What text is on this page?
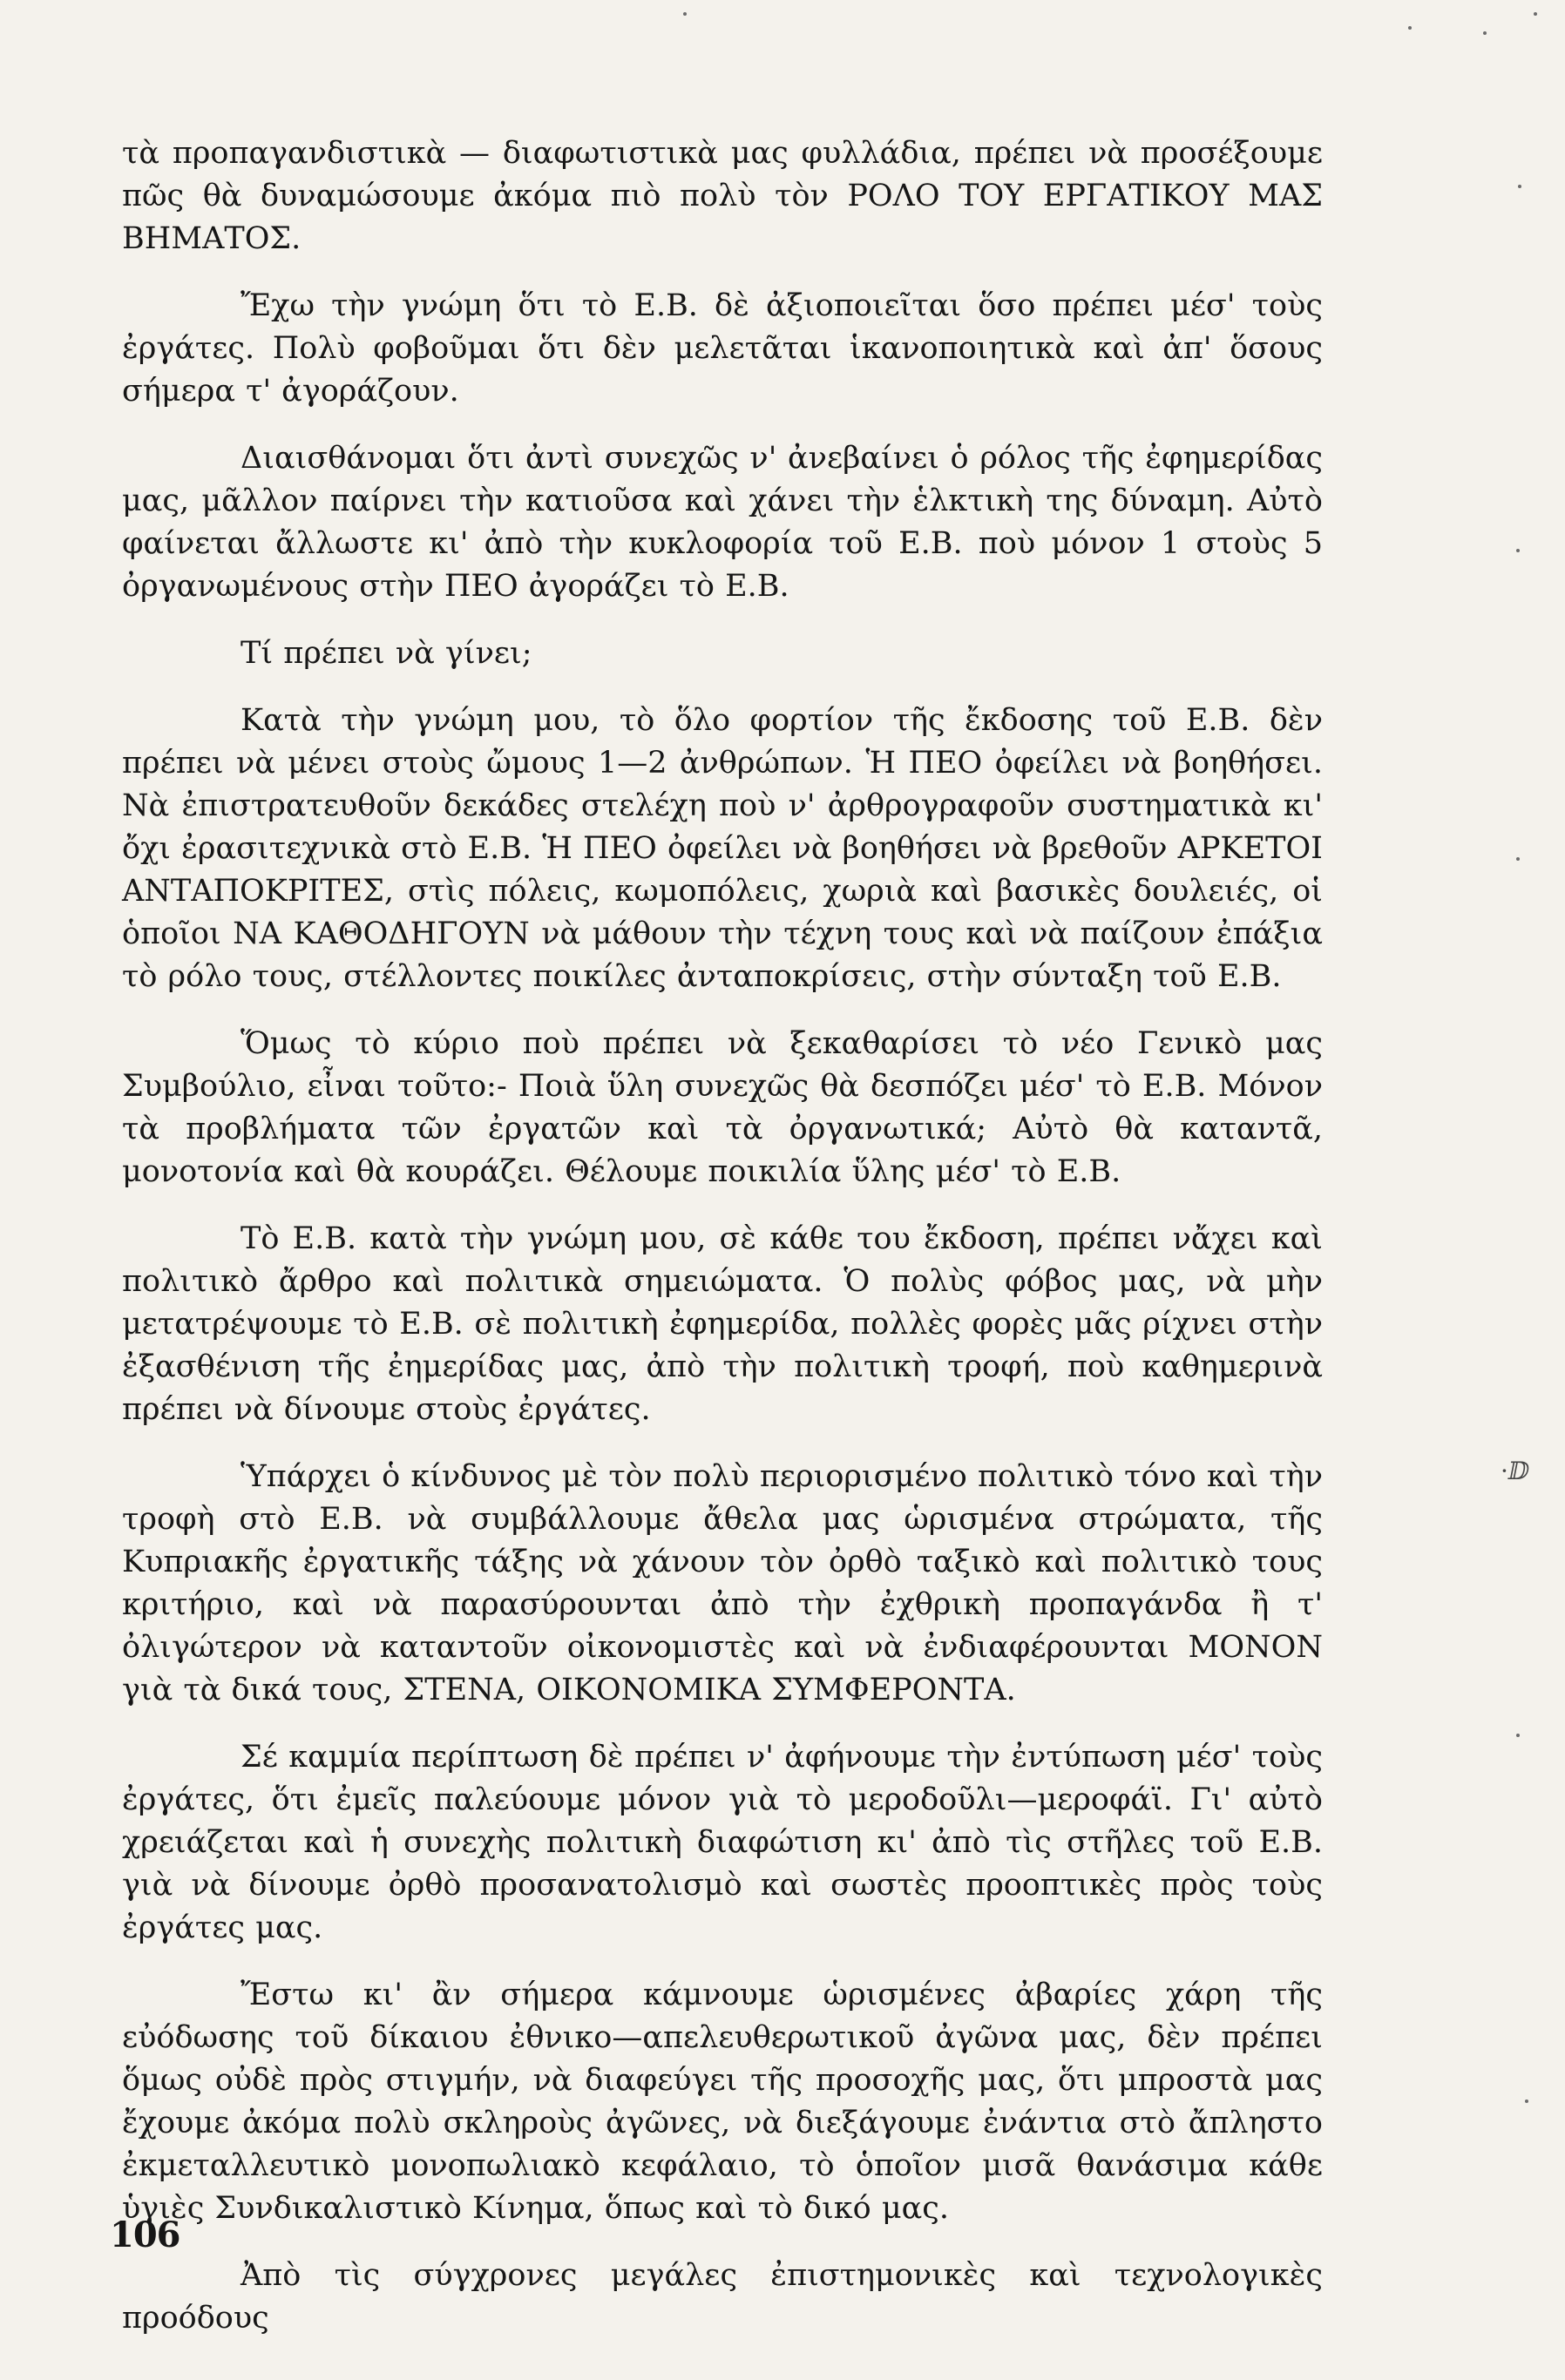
τὰ προπαγανδιστικὰ — διαφωτιστικὰ μας φυλλάδια, πρέπει νὰ προσέξουμε πῶς θὰ δυναμώσουμε ἀκόμα πιὸ πολὺ τὸν ΡΟΛΟ ΤΟΥ ΕΡΓΑΤΙΚΟΥ ΜΑΣ ΒΗΜΑΤΟΣ.

Ἔχω τὴν γνώμη ὅτι τὸ Ε.Β. δὲ ἀξιοποιεῖται ὅσο πρέπει μέσ' τοὺς ἐργάτες. Πολὺ φοβοῦμαι ὅτι δὲν μελετᾶται ἱκανοποιητικὰ καὶ ἀπ' ὅσους σήμερα τ' ἀγοράζουν.

Διαισθάνομαι ὅτι ἀντὶ συνεχῶς ν' ἀνεβαίνει ὁ ρόλος τῆς ἐφημερίδας μας, μᾶλλον παίρνει τὴν κατιοῦσα καὶ χάνει τὴν ἑλκτικὴ της δύναμη. Αὐτὸ φαίνεται ἄλλωστε κι' ἀπὸ τὴν κυκλοφορία τοῦ Ε.Β. ποὺ μόνον 1 στοὺς 5 ὀργανωμένους στὴν ΠΕΟ ἀγοράζει τὸ Ε.Β.

Τί πρέπει νὰ γίνει;

Κατὰ τὴν γνώμη μου, τὸ ὅλο φορτίον τῆς ἔκδοσης τοῦ Ε.Β. δὲν πρέπει νὰ μένει στοὺς ὤμους 1—2 ἀνθρώπων. Ἡ ΠΕΟ ὀφείλει νὰ βοηθήσει. Νὰ ἐπιστρατευθοῦν δεκάδες στελέχη ποὺ ν' ἀρθρογραφοῦν συστηματικὰ κι' ὄχι ἐρασιτεχνικὰ στὸ Ε.Β. Ἡ ΠΕΟ ὀφείλει νὰ βοηθήσει νὰ βρεθοῦν ΑΡΚΕΤΟΙ ΑΝΤΑΠΟΚΡΙΤΕΣ, στὶς πόλεις, κωμοπόλεις, χωριὰ καὶ βασικὲς δουλειές, οἱ ὁποῖοι ΝΑ ΚΑΘΟΔΗΓΟΥΝ νὰ μάθουν τὴν τέχνη τους καὶ νὰ παίζουν ἐπάξια τὸ ρόλο τους, στέλλοντες ποικίλες ἀνταποκρίσεις, στὴν σύνταξη τοῦ Ε.Β.

Ὅμως τὸ κύριο ποὺ πρέπει νὰ ξεκαθαρίσει τὸ νέο Γενικὸ μας Συμβούλιο, εἶναι τοῦτο:- Ποιὰ ὕλη συνεχῶς θὰ δεσπόζει μέσ' τὸ Ε.Β. Μόνον τὰ προβλήματα τῶν ἐργατῶν καὶ τὰ ὀργανωτικά; Αὐτὸ θὰ καταντᾶ, μονοτονία καὶ θὰ κουράζει. Θέλουμε ποικιλία ὕλης μέσ' τὸ Ε.Β.

Τὸ Ε.Β. κατὰ τὴν γνώμη μου, σὲ κάθε του ἔκδοση, πρέπει νἄχει καὶ πολιτικὸ ἄρθρο καὶ πολιτικὰ σημειώματα. Ὁ πολὺς φόβος μας, νὰ μὴν μετατρέψουμε τὸ Ε.Β. σὲ πολιτικὴ ἐφημερίδα, πολλὲς φορὲς μᾶς ρίχνει στὴν ἐξασθένιση τῆς ἐημερίδας μας, ἀπὸ τὴν πολιτικὴ τροφή, ποὺ καθημερινὰ πρέπει νὰ δίνουμε στοὺς ἐργάτες.

Ὑπάρχει ὁ κίνδυνος μὲ τὸν πολὺ περιορισμένο πολιτικὸ τόνο καὶ τὴν τροφὴ στὸ Ε.Β. νὰ συμβάλλουμε ἄθελα μας ὡρισμένα στρώματα, τῆς Κυπριακῆς ἐργατικῆς τάξης νὰ χάνουν τὸν ὀρθὸ ταξικὸ καὶ πολιτικὸ τους κριτήριο, καὶ νὰ παρασύρουνται ἀπὸ τὴν ἐχθρικὴ προπαγάνδα ἢ τ' ὀλιγώτερον νὰ καταντοῦν οἰκονομιστὲς καὶ νὰ ἐνδιαφέρουνται ΜΟΝΟΝ γιὰ τὰ δικά τους, ΣΤΕΝΑ, ΟΙΚΟΝΟΜΙΚΑ ΣΥΜΦΕΡΟΝΤΑ.

Σέ καμμία περίπτωση δὲ πρέπει ν' ἀφήνουμε τὴν ἐντύπωση μέσ' τοὺς ἐργάτες, ὅτι ἐμεῖς παλεύουμε μόνον γιὰ τὸ μεροδοῦλι—μεροφάϊ. Γι' αὐτὸ χρειάζεται καὶ ἡ συνεχὴς πολιτικὴ διαφώτιση κι' ἀπὸ τὶς στῆλες τοῦ Ε.Β. γιὰ νὰ δίνουμε ὀρθὸ προσανατολισμὸ καὶ σωστὲς προοπτικὲς πρὸς τοὺς ἐργάτες μας.

Ἔστω κι' ἂν σήμερα κάμνουμε ὡρισμένες ἀβαρίες χάρη τῆς εὐόδωσης τοῦ δίκαιου ἐθνικο—απελευθερωτικοῦ ἀγῶνα μας, δὲν πρέπει ὅμως οὐδὲ πρὸς στιγμήν, νὰ διαφεύγει τῆς προσοχῆς μας, ὅτι μπροστὰ μας ἔχουμε ἀκόμα πολὺ σκληροὺς ἀγῶνες, νὰ διεξάγουμε ἐνάντια στὸ ἄπληστο ἐκμεταλλευτικὸ μονοπωλιακὸ κεφάλαιο, τὸ ὁποῖον μισᾶ θανάσιμα κάθε ὑγιὲς Συνδικαλιστικὸ Κίνημα, ὅπως καὶ τὸ δικό μας.

Ἀπὸ τὶς σύγχρονες μεγάλες ἐπιστημονικὲς καὶ τεχνολογικὲς προόδους

106
·ⅅ
